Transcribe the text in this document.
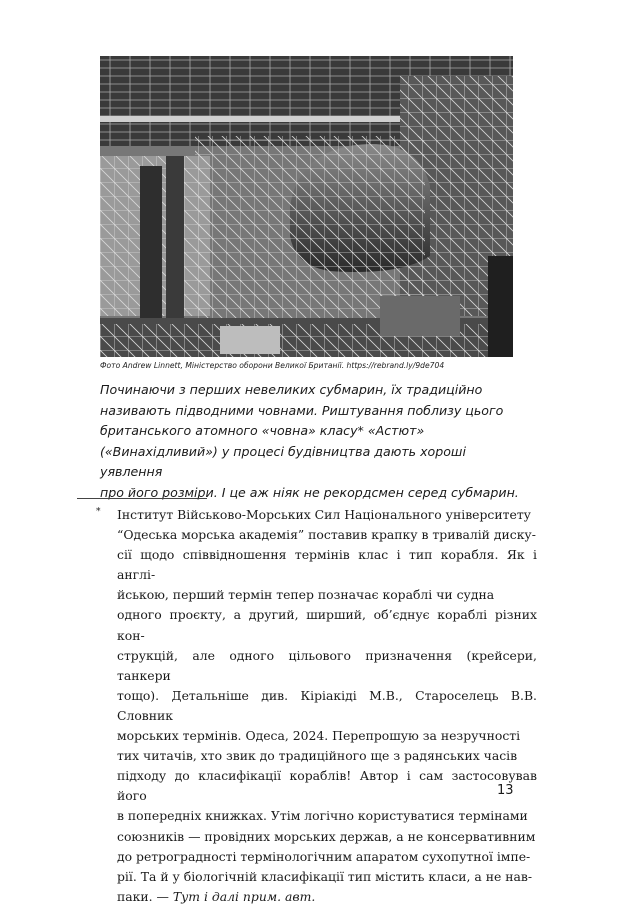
Фото Andrew Linnett, Міністерство оборони Великої Британії. https://rebrand.ly/9de704

Починаючи з перших невеликих субмарин, їх традиційно

називають підводними човнами. Риштування поблизу цього

британського атомного «човна» класу* «Астют»

(«Винахідливий») у процесі будівництва дають хороші уявлення

про його розміри. І це аж ніяк не рекордсмен серед субмарин.

* Інститут Військово-Морських Сил Національного університету

“Одеська морська академія” поставив крапку в тривалій диску-

сії щодо співвідношення термінів клас і тип корабля. Як і англі-

йською, перший термін тепер позначає кораблі чи судна

одного проєкту, а другий, ширший, об’єднує кораблі різних кон-

струкцій, але одного цільового призначення (крейсери, танкери

тощо). Детальніше див. Кіріакіді М.В., Староселець В.В. Словник

морських термінів. Одеса, 2024. Перепрошую за незручності

тих читачів, хто звик до традиційного ще з радянських часів

підходу до класифікації кораблів! Автор і сам застосовував його

в попередніх книжках. Утім логічно користуватися термінами

союзників — провідних морських держав, а не консервативним

до ретроградності термінологічним апаратом сухопутної імпе-

рії. Та й у біологічній класифікації тип містить класи, а не нав-

паки. — Тут і далі прим. авт.

13
